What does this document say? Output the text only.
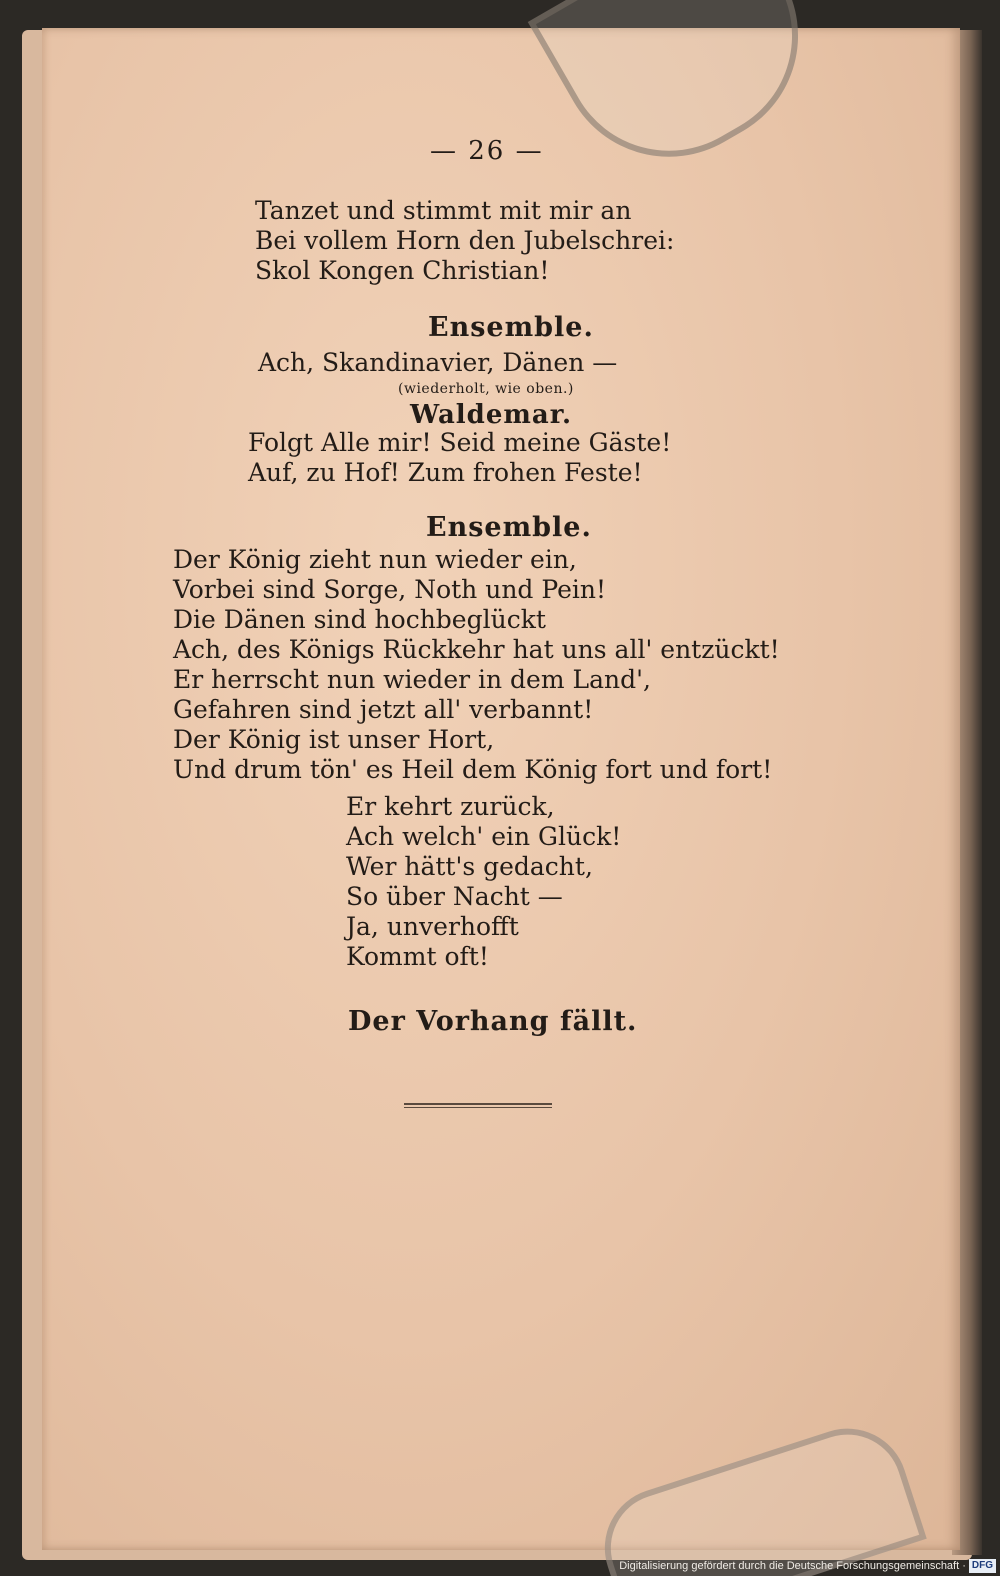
— 26 —
Tanzet und stimmt mit mir an
Bei vollem Horn den Jubelschrei:
Skol Kongen Christian!
Ensemble.
Ach, Skandinavier, Dänen —
(wiederholt, wie oben.)
Waldemar.
Folgt Alle mir! Seid meine Gäste!
Auf, zu Hof! Zum frohen Feste!
Ensemble.
Der König zieht nun wieder ein,
Vorbei sind Sorge, Noth und Pein!
Die Dänen sind hochbeglückt
Ach, des Königs Rückkehr hat uns all' entzückt!
Er herrscht nun wieder in dem Land',
Gefahren sind jetzt all' verbannt!
Der König ist unser Hort,
Und drum tön' es Heil dem König fort und fort!
Er kehrt zurück,
Ach welch' ein Glück!
Wer hätt's gedacht,
So über Nacht —
Ja, unverhofft
Kommt oft!
Der Vorhang fällt.
Digitalisierung gefördert durch die Deutsche Forschungsgemeinschaft · DFG
